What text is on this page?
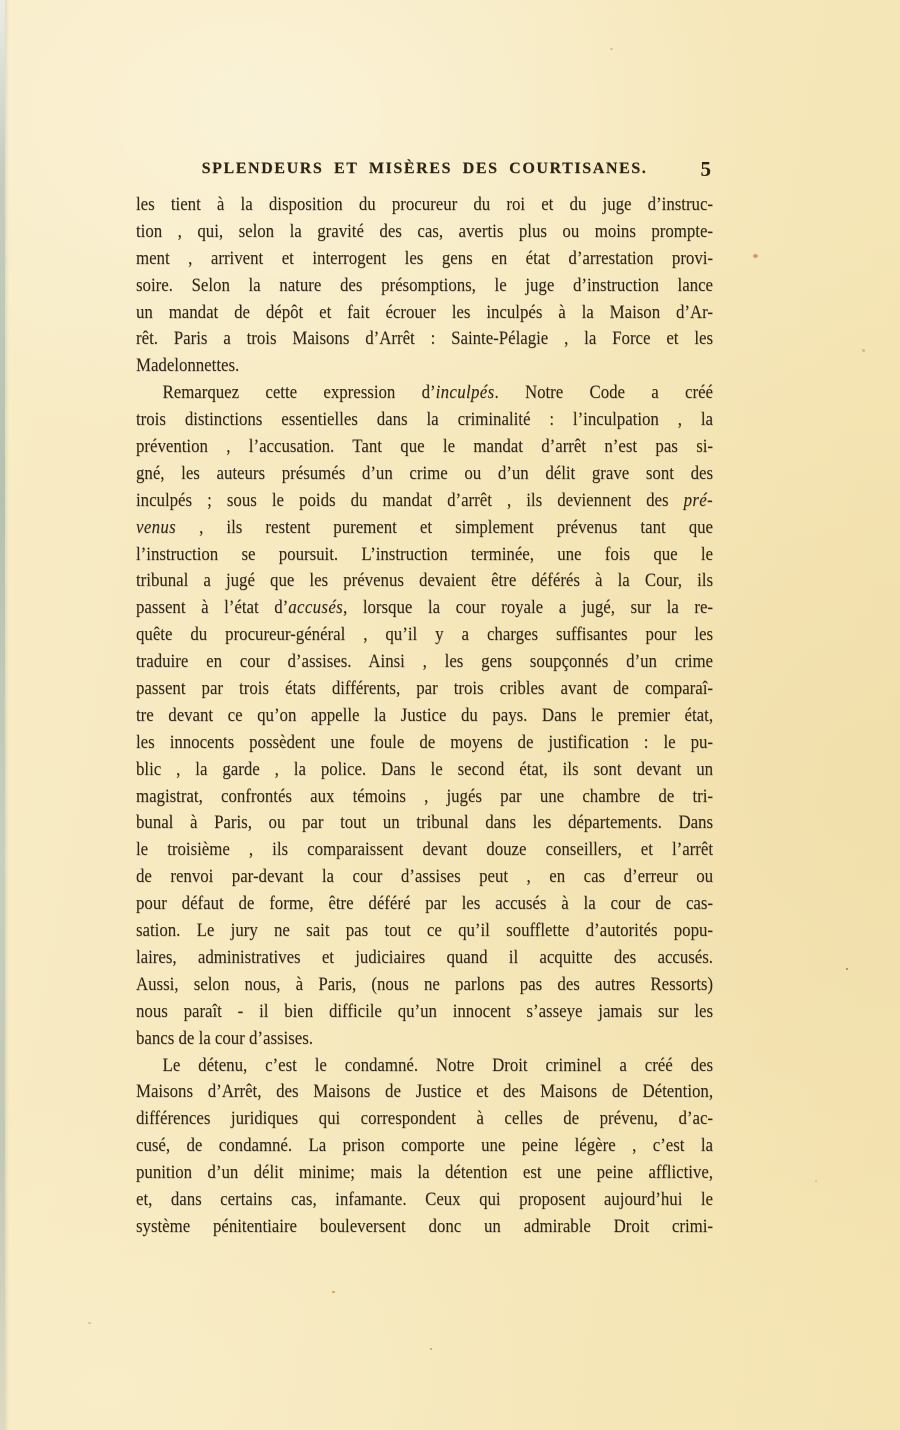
SPLENDEURS ET MISÈRES DES COURTISANES.	5
les tient à la disposition du procureur du roi et du juge d’instruc-
tion , qui, selon la gravité des cas, avertis plus ou moins prompte-
ment , arrivent et interrogent les gens en état d’arrestation provi-
soire. Selon la nature des présomptions, le juge d’instruction lance
un mandat de dépôt et fait écrouer les inculpés à la Maison d’Ar-
rêt. Paris a trois Maisons d’Arrêt : Sainte-Pélagie , la Force et les
Madelonnettes.
Remarquez cette expression d’inculpés. Notre Code a créé
trois distinctions essentielles dans la criminalité : l’inculpation , la
prévention , l’accusation. Tant que le mandat d’arrêt n’est pas si-
gné, les auteurs présumés d’un crime ou d’un délit grave sont des
inculpés ; sous le poids du mandat d’arrêt , ils deviennent des pré-
venus , ils restent purement et simplement prévenus tant que
l’instruction se poursuit. L’instruction terminée, une fois que le
tribunal a jugé que les prévenus devaient être déférés à la Cour, ils
passent à l’état d’accusés, lorsque la cour royale a jugé, sur la re-
quête du procureur-général , qu’il y a charges suffisantes pour les
traduire en cour d’assises. Ainsi , les gens soupçonnés d’un crime
passent par trois états différents, par trois cribles avant de comparaî-
tre devant ce qu’on appelle la Justice du pays. Dans le premier état,
les innocents possèdent une foule de moyens de justification : le pu-
blic , la garde , la police. Dans le second état, ils sont devant un
magistrat, confrontés aux témoins , jugés par une chambre de tri-
bunal à Paris, ou par tout un tribunal dans les départements. Dans
le troisième , ils comparaissent devant douze conseillers, et l’arrêt
de renvoi par-devant la cour d’assises peut , en cas d’erreur ou
pour défaut de forme, être déféré par les accusés à la cour de cas-
sation. Le jury ne sait pas tout ce qu’il soufflette d’autorités popu-
laires, administratives et judiciaires quand il acquitte des accusés.
Aussi, selon nous, à Paris, (nous ne parlons pas des autres Ressorts)
nous paraît - il bien difficile qu’un innocent s’asseye jamais sur les
bancs de la cour d’assises.
Le détenu, c’est le condamné. Notre Droit criminel a créé des
Maisons d’Arrêt, des Maisons de Justice et des Maisons de Détention,
différences juridiques qui correspondent à celles de prévenu, d’ac-
cusé, de condamné. La prison comporte une peine légère , c’est la
punition d’un délit minime; mais la détention est une peine afflictive,
et, dans certains cas, infamante. Ceux qui proposent aujourd’hui le
système pénitentiaire bouleversent donc un admirable Droit crimi-
